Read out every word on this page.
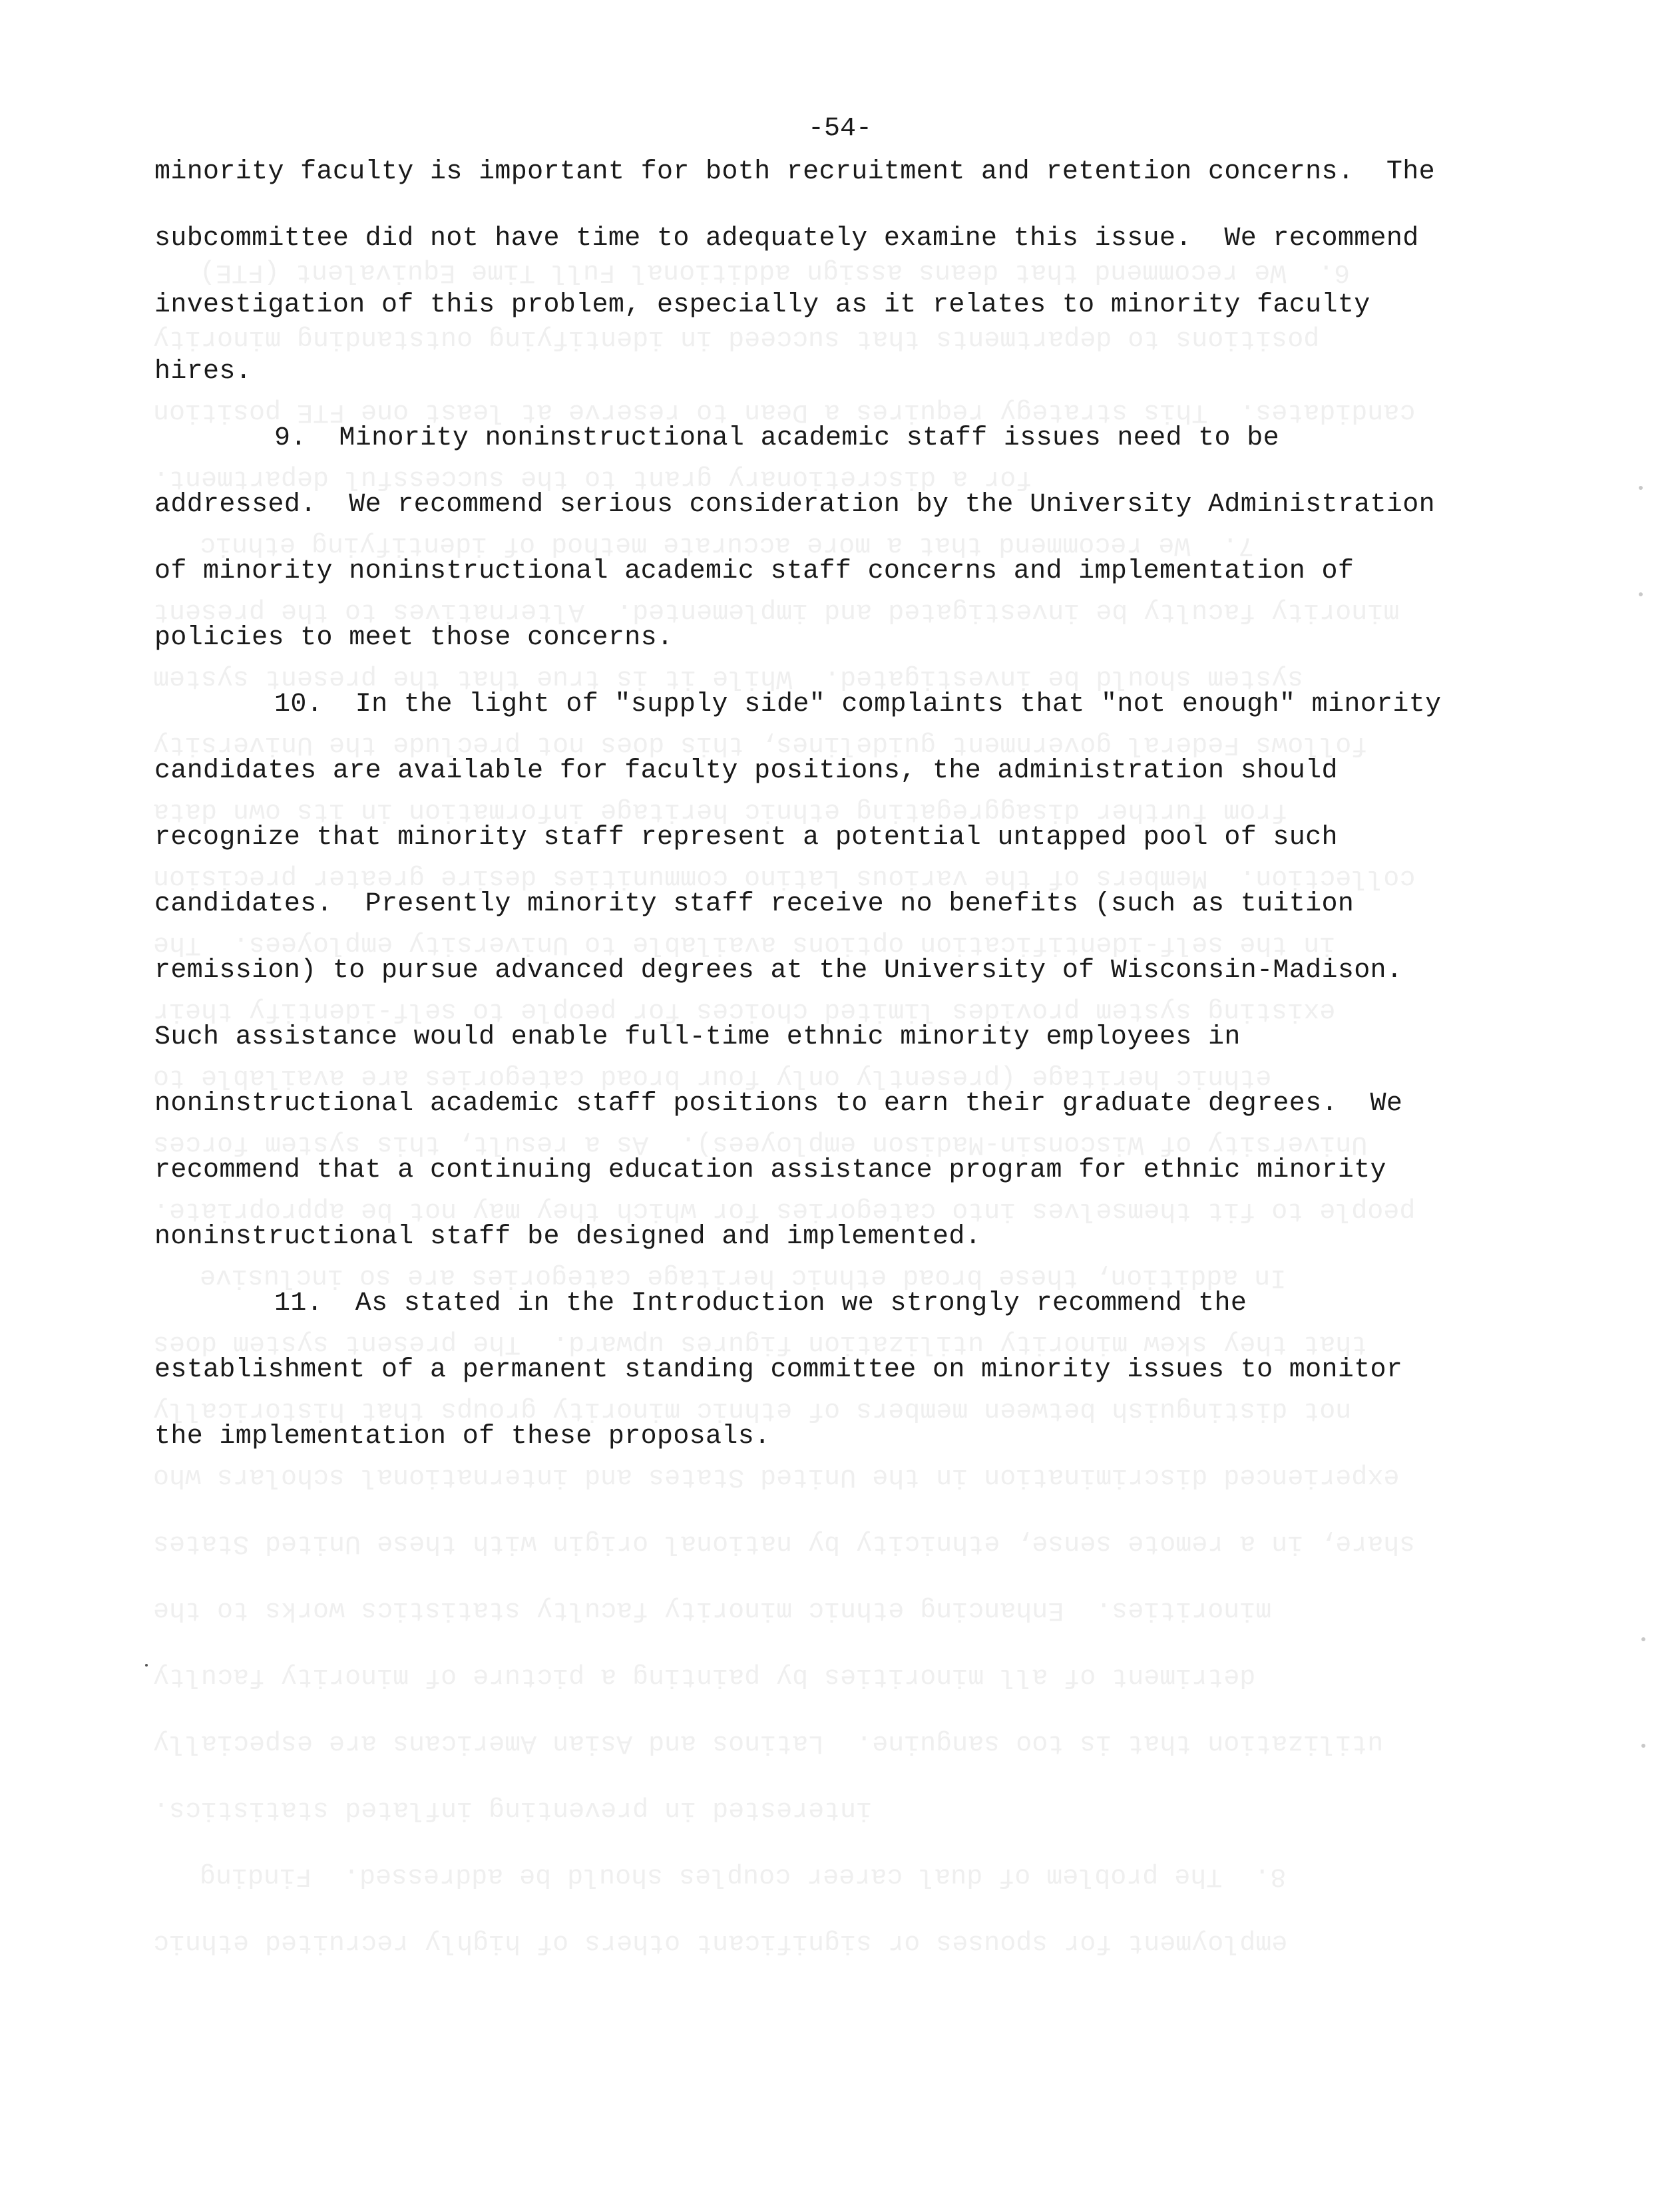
6.  We recommend that deans assign additional Full Time Equivalent (FTE)
positions to departments that succeed in identifying outstanding minority
candidates.  This strategy requires a Dean to reserve at least one FTE position
for a discretionary grant to the successful department.
7.  We recommend that a more accurate method of identifying ethnic
minority faculty be investigated and implemented.  Alternatives to the present
system should be investigated.  While it is true that the present system
follows Federal government guidelines, this does not preclude the University
from further disaggregating ethnic heritage information in its own data
collection.  Members of the various Latino communities desire greater precision
in the self-identification options available to University employees.  The
existing system provides limited choices for people to self-identify their
ethnic heritage (presently only four broad categories are available to
University of Wisconsin-Madison employees).  As a result, this system forces
people to fit themselves into categories for which they may not be appropriate.
In addition, these broad ethnic heritage categories are so inclusive
that they skew minority utilization figures upward.  The present system does
not distinguish between members of ethnic minority groups that historically
experienced discrimination in the United States and international scholars who
share, in a remote sense, ethnicity by national origin with these United States
minorities.  Enhancing ethnic minority faculty statistics works to the
detriment of all minorities by painting a picture of minority faculty
utilization that is too sanguine.  Latinos and Asian Americans are especially
interested in preventing inflated statistics.
8.  The problem of dual career couples should be addressed.  Finding
employment for spouses or significant others of highly recruited ethnic
-54-
minority faculty is important for both recruitment and retention concerns.  The
subcommittee did not have time to adequately examine this issue.  We recommend
investigation of this problem, especially as it relates to minority faculty
hires.
9.  Minority noninstructional academic staff issues need to be
addressed.  We recommend serious consideration by the University Administration
of minority noninstructional academic staff concerns and implementation of
policies to meet those concerns.
10.  In the light of "supply side" complaints that "not enough" minority
candidates are available for faculty positions, the administration should
recognize that minority staff represent a potential untapped pool of such
candidates.  Presently minority staff receive no benefits (such as tuition
remission) to pursue advanced degrees at the University of Wisconsin-Madison.
Such assistance would enable full-time ethnic minority employees in
noninstructional academic staff positions to earn their graduate degrees.  We
recommend that a continuing education assistance program for ethnic minority
noninstructional staff be designed and implemented.
11.  As stated in the Introduction we strongly recommend the
establishment of a permanent standing committee on minority issues to monitor
the implementation of these proposals.
